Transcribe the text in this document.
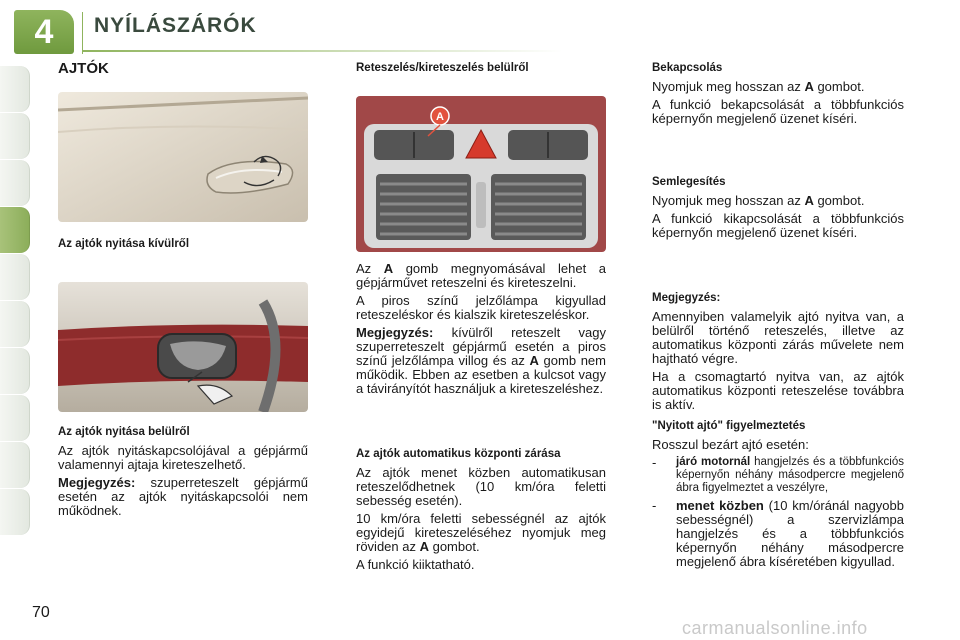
4	NYÍLÁSZÁRÓK
AJTÓK
Az ajtók nyitása kívülről
Az ajtók nyitása belülről

Az ajtók nyitáskapcsolójával a gépjármű valamennyi ajtaja kireteszelhető.

Megjegyzés: szuperreteszelt gépjármű esetén az ajtók nyitáskapcsolói nem működnek.

Reteszelés/kireteszelés belülről
A

Az A gomb megnyomásával lehet a gépjárművet reteszelni és kireteszelni.

A piros színű jelzőlámpa kigyullad reteszeléskor és kialszik kireteszeléskor.

Megjegyzés: kívülről reteszelt vagy szuperreteszelt gépjármű esetén a piros színű jelzőlámpa villog és az A gomb nem működik. Ebben az esetben a kulcsot vagy a távirányítót használjuk a kireteszeléshez.

Az ajtók automatikus központi zárása

Az ajtók menet közben automatikusan reteszelődhetnek (10 km/óra feletti sebesség esetén).

10 km/óra feletti sebességnél az ajtók egyidejű kireteszeléséhez nyomjuk meg röviden az A gombot.

A funkció kiiktatható.

Bekapcsolás

Nyomjuk meg hosszan az A gombot.

A funkció bekapcsolását a többfunkciós képernyőn megjelenő üzenet kíséri.

Semlegesítés

Nyomjuk meg hosszan az A gombot.

A funkció kikapcsolását a többfunkciós képernyőn megjelenő üzenet kíséri.

Megjegyzés:

Amennyiben valamelyik ajtó nyitva van, a belülről történő reteszelés, illetve az automatikus központi zárás művelete nem hajtható végre.

Ha a csomagtartó nyitva van, az ajtók automatikus központi reteszelése továbbra is aktív.

"Nyitott ajtó" figyelmeztetés

Rosszul bezárt ajtó esetén:

-	járó motornál hangjelzés és a többfunkciós képernyőn néhány másodpercre megjelenő ábra figyelmeztet a veszélyre,
-	menet közben (10 km/óránál nagyobb sebességnél) a szervizlámpa hangjelzés és a többfunkciós képernyőn néhány másodpercre megjelenő ábra kíséretében kigyullad.
70
carmanualsonline.info
